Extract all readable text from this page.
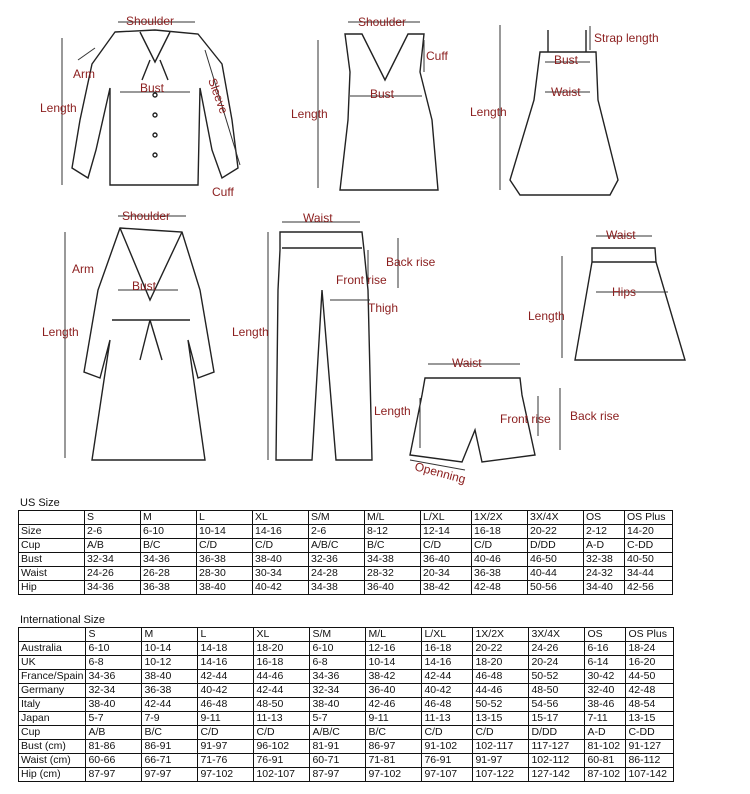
Shoulder
Arm
Bust
Length	Sleeve
Cuff
Shoulder
Cuff
Bust
Length
Strap length
Bust
Waist
Length
Shoulder
Arm
Bust
Length
Waist
Back rise
Front rise
Thigh
Length
Waist
Length
Front rise Back rise
Openning
Waist
Hips
Length
US Size
	S	M	L	XL	S/M	M/L	L/XL	1X/2X	3X/4X	OS	OS Plus
Size	2-6	6-10	10-14	14-16	2-6	8-12	12-14	16-18	20-22	2-12	14-20
Cup	A/B	B/C	C/D	C/D	A/B/C	B/C	C/D	C/D	D/DD	A-D	C-DD
Bust	32-34	34-36	36-38	38-40	32-36	34-38	36-40	40-46	46-50	32-38	40-50
Waist	24-26	26-28	28-30	30-34	24-28	28-32	20-34	36-38	40-44	24-32	34-44
Hip	34-36	36-38	38-40	40-42	34-38	36-40	38-42	42-48	50-56	34-40	42-56
International Size
	S	M	L	XL	S/M	M/L	L/XL	1X/2X	3X/4X	OS	OS Plus
Australia	6-10	10-14	14-18	18-20	6-10	12-16	16-18	20-22	24-26	6-16	18-24
UK	6-8	10-12	14-16	16-18	6-8	10-14	14-16	18-20	20-24	6-14	16-20
France/Spain	34-36	38-40	42-44	44-46	34-36	38-42	42-44	46-48	50-52	30-42	44-50
Germany	32-34	36-38	40-42	42-44	32-34	36-40	40-42	44-46	48-50	32-40	42-48
Italy	38-40	42-44	46-48	48-50	38-40	42-46	46-48	50-52	54-56	38-46	48-54
Japan	5-7	7-9	9-11	11-13	5-7	9-11	11-13	13-15	15-17	7-11	13-15
Cup	A/B	B/C	C/D	C/D	A/B/C	B/C	C/D	C/D	D/DD	A-D	C-DD
Bust (cm)	81-86	86-91	91-97	96-102	81-91	86-97	91-102	102-117	117-127	81-102	91-127
Waist (cm)	60-66	66-71	71-76	76-91	60-71	71-81	76-91	91-97	102-112	60-81	86-112
Hip (cm)	87-97	97-97	97-102	102-107	87-97	97-102	97-107	107-122	127-142	87-102	107-142
